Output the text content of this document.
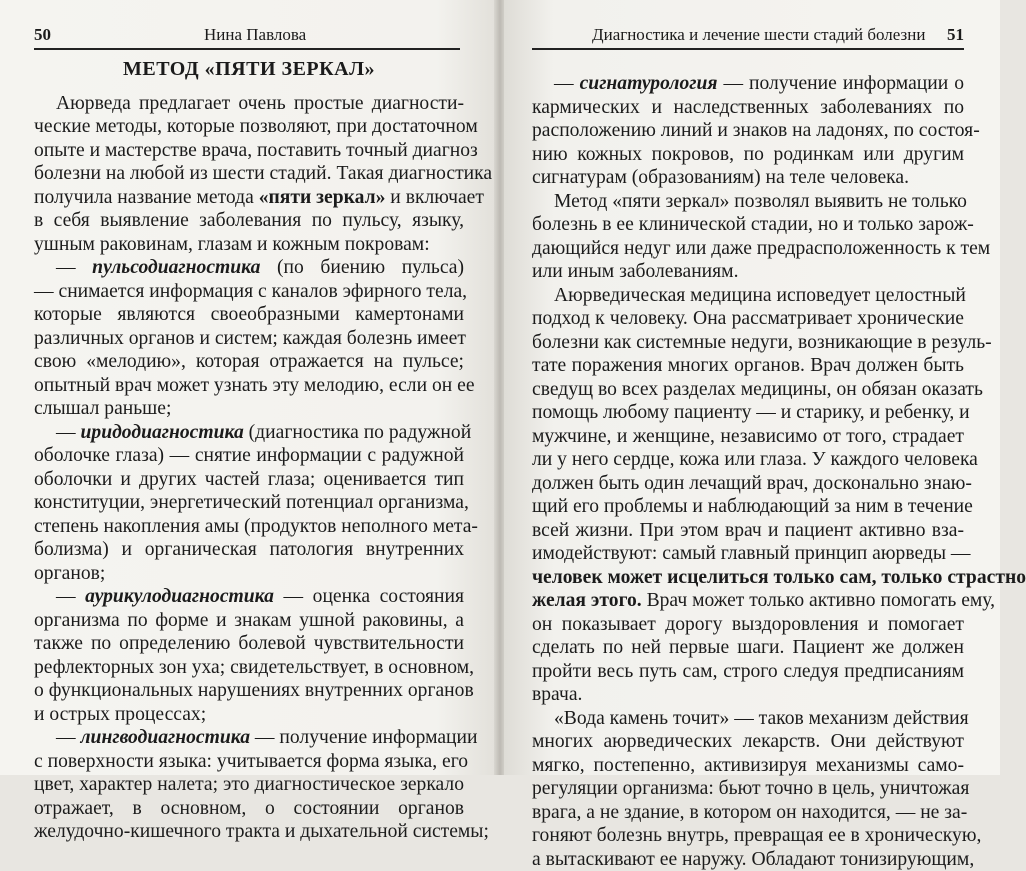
50	Нина Павлова
МЕТОД «ПЯТИ ЗЕРКАЛ»
Аюрведа предлагает очень простые диагности-
ческие методы, которые позволяют, при достаточном
опыте и мастерстве врача, поставить точный диагноз
болезни на любой из шести стадий. Такая диагностика
получила название метода «пяти зеркал» и включает
в себя выявление заболевания по пульсу, языку,
ушным раковинам, глазам и кожным покровам:
— пульсодиагностика (по биению пульса)
— снимается информация с каналов эфирного тела,
которые являются своеобразными камертонами
различных органов и систем; каждая болезнь имеет
свою «мелодию», которая отражается на пульсе;
опытный врач может узнать эту мелодию, если он ее
слышал раньше;
— иридодиагностика (диагностика по радужной
оболочке глаза) — снятие информации с радужной
оболочки и других частей глаза; оценивается тип
конституции, энергетический потенциал организма,
степень накопления амы (продуктов неполного мета-
болизма) и органическая патология внутренних
органов;
— аурикулодиагностика — оценка состояния
организма по форме и знакам ушной раковины, а
также по определению болевой чувствительности
рефлекторных зон уха; свидетельствует, в основном,
о функциональных нарушениях внутренних органов
и острых процессах;
— лингводиагностика — получение информации
с поверхности языка: учитывается форма языка, его
цвет, характер налета; это диагностическое зеркало
отражает, в основном, о состоянии органов
желудочно-кишечного тракта и дыхательной системы;
Диагностика и лечение шести стадий болезни 51
— сигнатурология — получение информации о
кармических и наследственных заболеваниях по
расположению линий и знаков на ладонях, по состоя-
нию кожных покровов, по родинкам или другим
сигнатурам (образованиям) на теле человека.
Метод «пяти зеркал» позволял выявить не только
болезнь в ее клинической стадии, но и только зарож-
дающийся недуг или даже предрасположенность к тем
или иным заболеваниям.
Аюрведическая медицина исповедует целостный
подход к человеку. Она рассматривает хронические
болезни как системные недуги, возникающие в резуль-
тате поражения многих органов. Врач должен быть
сведущ во всех разделах медицины, он обязан оказать
помощь любому пациенту — и старику, и ребенку, и
мужчине, и женщине, независимо от того, страдает
ли у него сердце, кожа или глаза. У каждого человека
должен быть один лечащий врач, досконально знаю-
щий его проблемы и наблюдающий за ним в течение
всей жизни. При этом врач и пациент активно вза-
имодействуют: самый главный принцип аюрведы —
человек может исцелиться только сам, только страстно
желая этого. Врач может только активно помогать ему,
он показывает дорогу выздоровления и помогает
сделать по ней первые шаги. Пациент же должен
пройти весь путь сам, строго следуя предписаниям
врача.
«Вода камень точит» — таков механизм действия
многих аюрведических лекарств. Они действуют
мягко, постепенно, активизируя механизмы само-
регуляции организма: бьют точно в цель, уничтожая
врага, а не здание, в котором он находится, — не за-
гоняют болезнь внутрь, превращая ее в хроническую,
а вытаскивают ее наружу. Обладают тонизирующим,
